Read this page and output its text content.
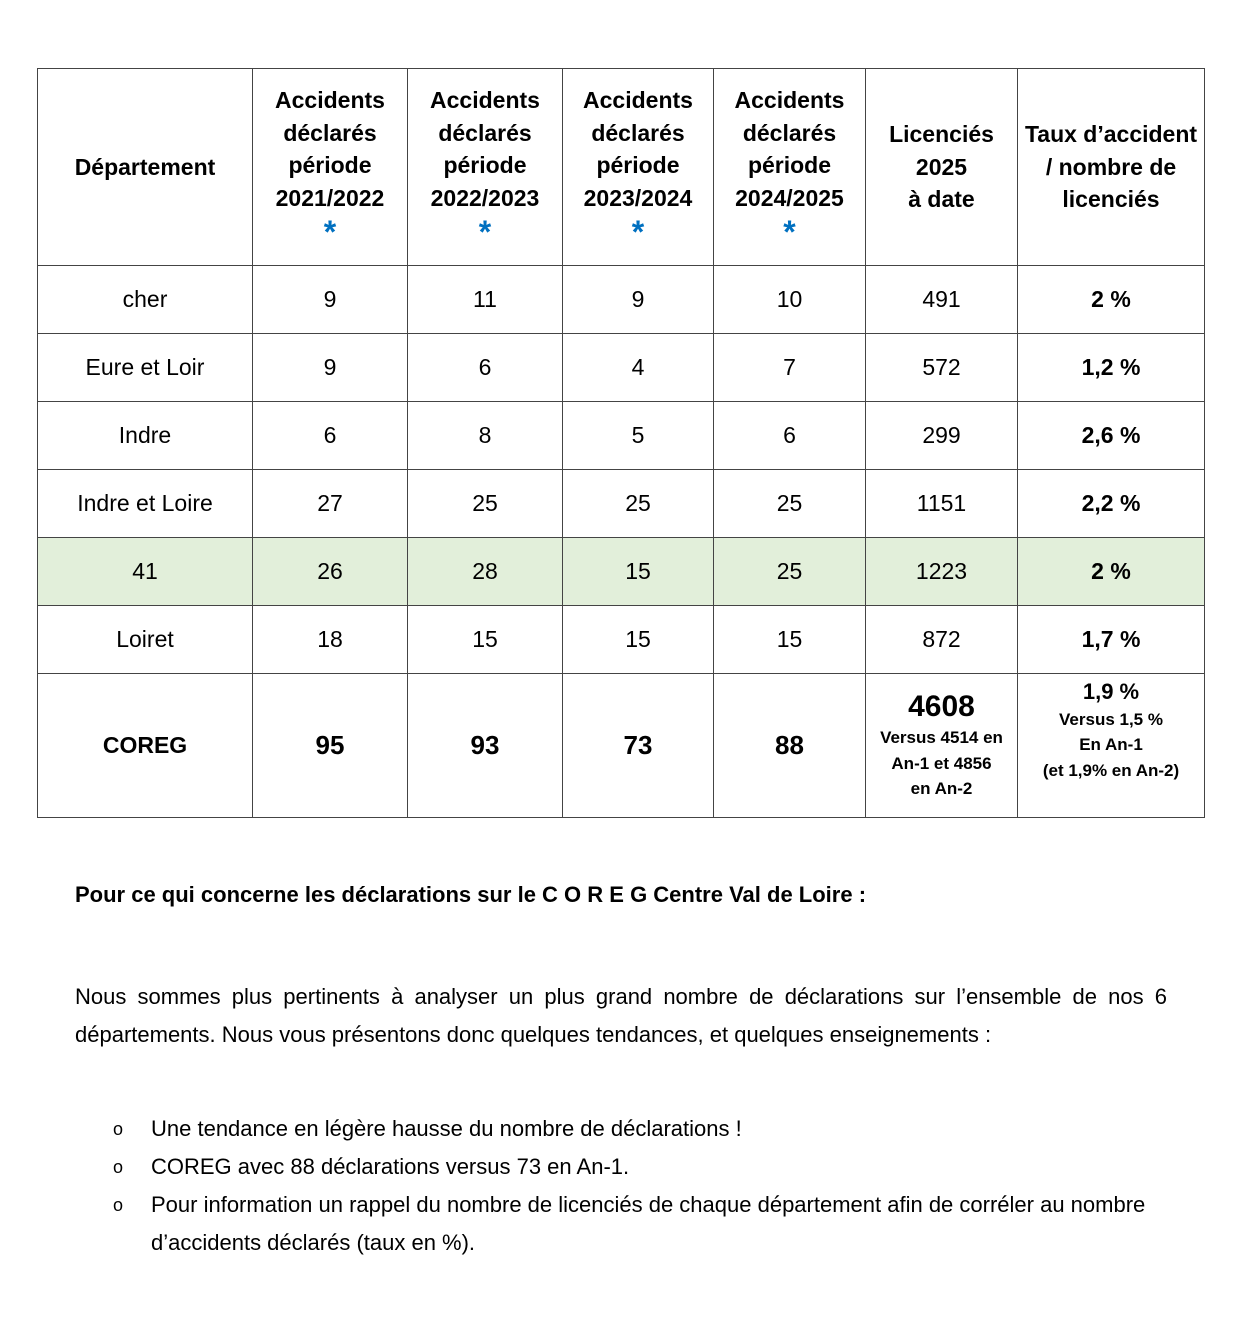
Département	Accidents
déclarés
période
2021/2022
*	Accidents
déclarés
période
2022/2023
*	Accidents
déclarés
période
2023/2024
*	Accidents
déclarés
période
2024/2025
*	Licenciés
2025
à date	Taux d’accident
/ nombre de
licenciés
cher	9	11	9	10	491	2 %
Eure et Loir	9	6	4	7	572	1,2 %
Indre	6	8	5	6	299	2,6 %
Indre et Loire	27	25	25	25	1151	2,2 %
41	26	28	15	25	1223	2 %
Loiret	18	15	15	15	872	1,7 %
COREG	95	93	73	88	4608
Versus 4514 en
An-1 et 4856
en An-2	1,9 %
Versus 1,5 %
En An-1
(et 1,9% en An-2)
Pour ce qui concerne les déclarations sur le C O R E G Centre Val de Loire :
Nous sommes plus pertinents à analyser un plus grand nombre de déclarations sur l’ensemble de nos 6 départements. Nous vous présentons donc quelques tendances, et quelques enseignements :
o Une tendance en légère hausse du nombre de déclarations !
o COREG avec 88 déclarations versus 73 en An-1.
o Pour information un rappel du nombre de licenciés de chaque département afin de corréler au nombre d’accidents déclarés (taux en %).
